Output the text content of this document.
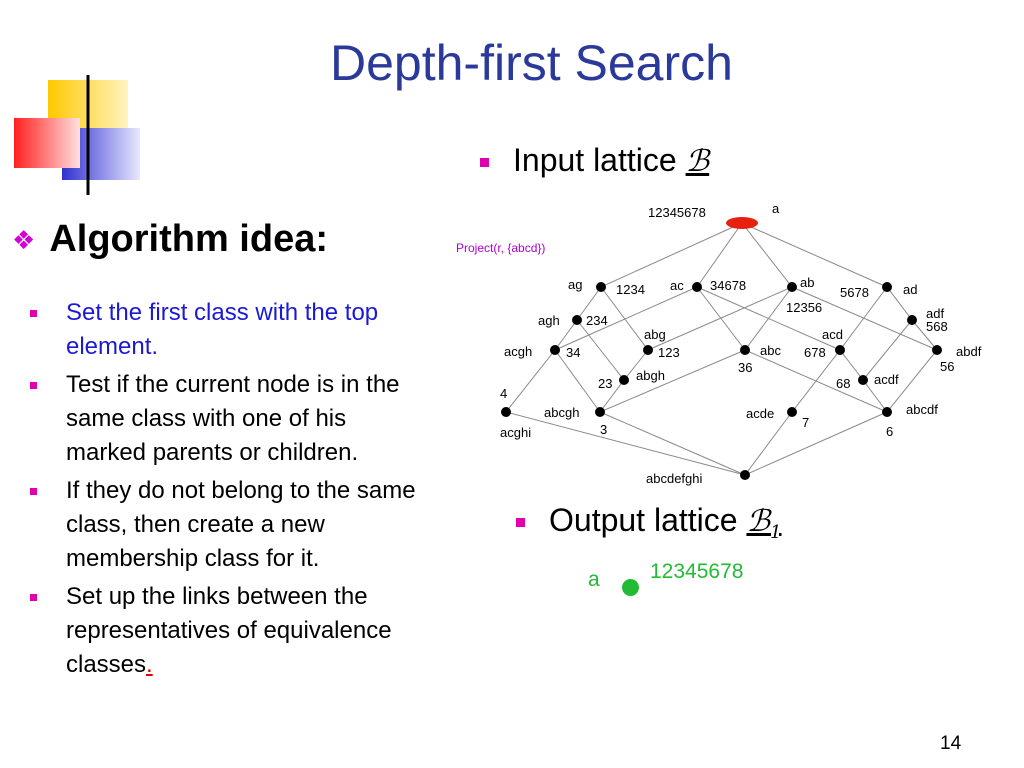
Depth-first Search
❖ Algorithm idea:
Set the first class with the top element.
Test if the current node is in the same class with one of his marked parents or children.
If they do not belong to the same class, then create a new membership class for it.
Set up the links between the representatives of equivalence classes.
Input lattice ℬ
12345678	a
Project(r, {abcd})
ag	1234 ac 34678	ab
12356
5678	ad
agh 234	adf
568
abg
123
acd
678
acgh	34	abc
36
abdf
56
abgh
23	acdf
68
4
acghi
abcgh
3
acde
7
abcdf
6
abcdefghi
Output lattice ℬ$_1$
a 12345678
14
